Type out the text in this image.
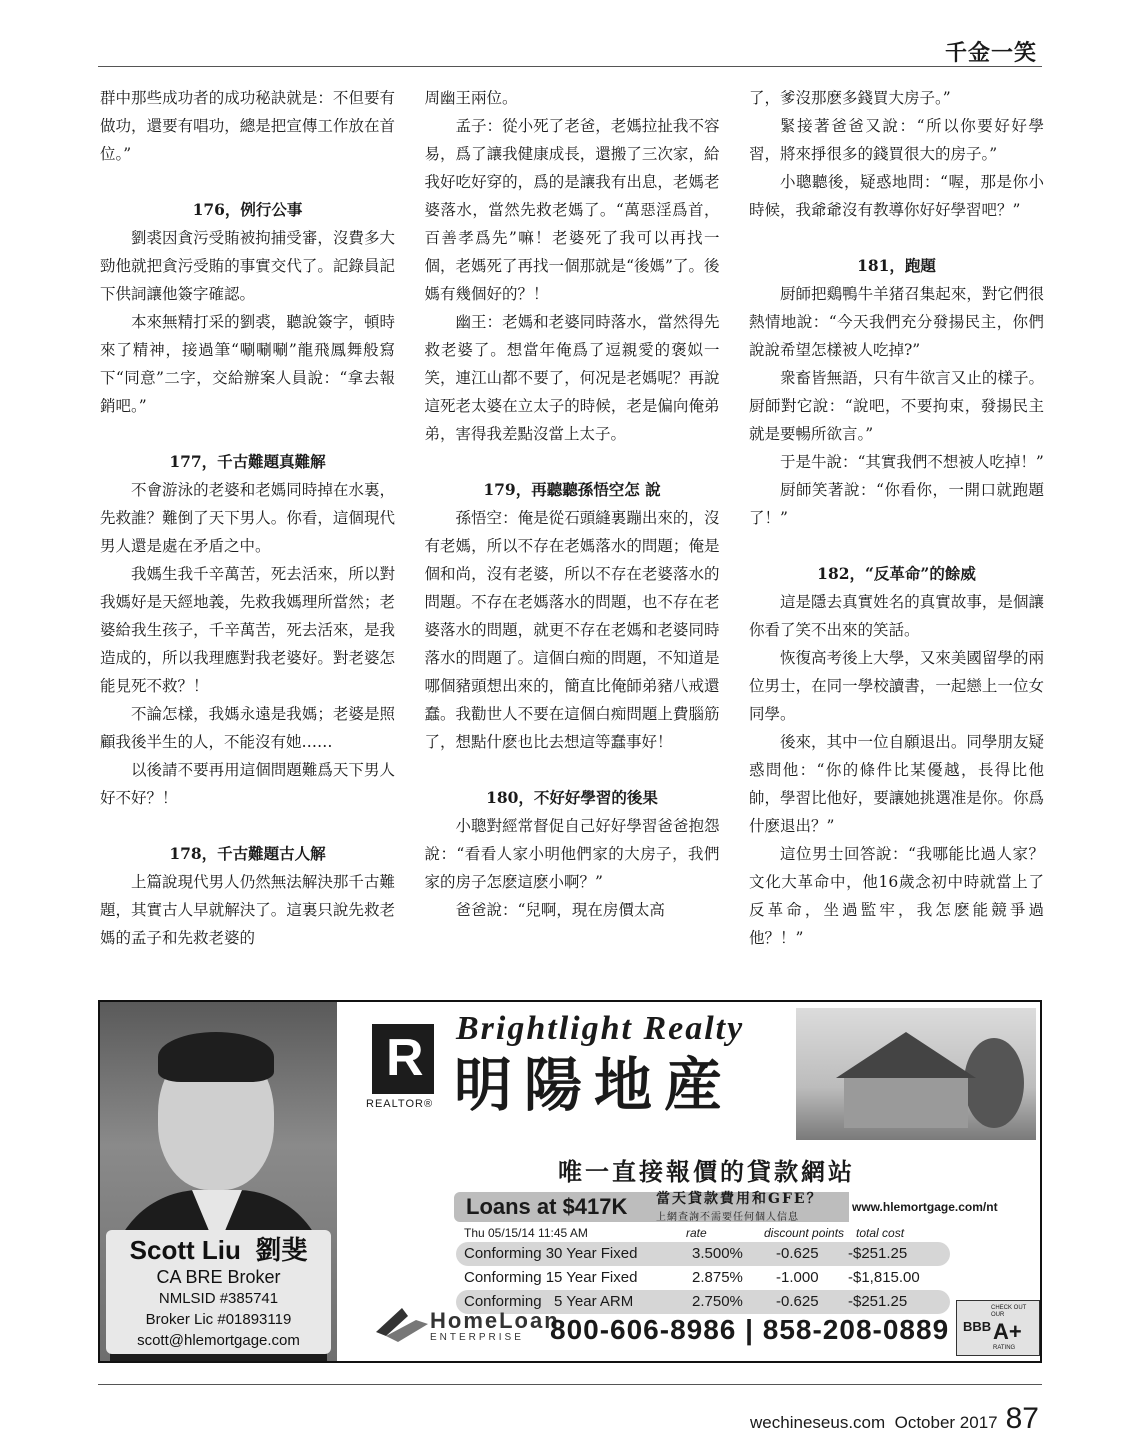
千金一笑
群中那些成功者的成功秘訣就是：不但要有做功，還要有唱功，總是把宣傳工作放在首位。”
176，例行公事
劉裘因貪污受賄被拘捕受審，沒費多大勁他就把貪污受賄的事實交代了。記錄員記下供詞讓他簽字確認。
本來無精打采的劉裘，聽說簽字，頓時來了精神，接過筆“唰唰唰”龍飛鳳舞般寫下“同意”二字，交給辦案人員說：“拿去報銷吧。”
177，千古難題真難解
不會游泳的老婆和老媽同時掉在水裏，先救誰？難倒了天下男人。你看，這個現代男人還是處在矛盾之中。
我媽生我千辛萬苦，死去活來，所以對我媽好是天經地義，先救我媽理所當然；老婆給我生孩子，千辛萬苦，死去活來，是我造成的，所以我理應對我老婆好。對老婆怎能見死不救？！
不論怎樣，我媽永遠是我媽；老婆是照顧我後半生的人，不能沒有她……
以後請不要再用這個問題難爲天下男人好不好？！
178，千古難題古人解
上篇說現代男人仍然無法解決那千古難題，其實古人早就解決了。這裏只說先救老媽的孟子和先救老婆的
周幽王兩位。
孟子：從小死了老爸，老媽拉扯我不容易，爲了讓我健康成長，還搬了三次家，給我好吃好穿的，爲的是讓我有出息，老媽老婆落水，當然先救老媽了。“萬惡淫爲首，百善孝爲先”嘛！老婆死了我可以再找一個，老媽死了再找一個那就是“後媽”了。後媽有幾個好的？！
幽王：老媽和老婆同時落水，當然得先救老婆了。想當年俺爲了逗親愛的褒姒一笑，連江山都不要了，何况是老媽呢？再說這死老太婆在立太子的時候，老是偏向俺弟弟，害得我差點沒當上太子。
179，再聽聽孫悟空怎 說
孫悟空：俺是從石頭縫裏蹦出來的，沒有老媽，所以不存在老媽落水的問題；俺是個和尚，沒有老婆，所以不存在老婆落水的問題。不存在老媽落水的問題，也不存在老婆落水的問題，就更不存在老媽和老婆同時落水的問題了。這個白痴的問題，不知道是哪個豬頭想出來的，簡直比俺師弟豬八戒還蠢。我勸世人不要在這個白痴問題上費腦筋了，想點什麽也比去想這等蠢事好！
180，不好好學習的後果
小聰對經常督促自己好好學習爸爸抱怨說：“看看人家小明他們家的大房子，我們家的房子怎麽這麽小啊？”
爸爸說：“兒啊，現在房價太高
了，爹沒那麽多錢買大房子。”
緊接著爸爸又說：“所以你要好好學習，將來掙很多的錢買很大的房子。”
小聰聽後，疑惑地問：“喔，那是你小時候，我爺爺沒有教導你好好學習吧？”
181，跑題
厨師把鷄鴨牛羊猪召集起來，對它們很熱情地說：“今天我們充分發揚民主，你們說說希望怎樣被人吃掉?”
衆畜皆無語，只有牛欲言又止的樣子。厨師對它說：“說吧，不要拘束，發揚民主就是要暢所欲言。”
于是牛說：“其實我們不想被人吃掉！”
厨師笑著說：“你看你，一開口就跑題了！”
182，“反革命”的餘威
這是隱去真實姓名的真實故事，是個讓你看了笑不出來的笑話。
恢復高考後上大學，又來美國留學的兩位男士，在同一學校讀書，一起戀上一位女同學。
後來，其中一位自願退出。同學朋友疑惑問他：“你的條件比某優越，長得比他帥，學習比他好，要讓她挑選准是你。你爲什麽退出？”
這位男士回答說：“我哪能比過人家？文化大革命中，他16歲念初中時就當上了反革命，坐過監牢，我怎麽能競爭過他？！”
Scott Liu 劉斐
CA BRE Broker
NMLSID #385741
Broker Lic #01893119
scott@hlemortgage.com
R
REALTOR®
Brightlight Realty
明陽地産
唯一直接報價的貸款網站
Loans at $417K	當天貸款費用和GFE？
上網查詢不需要任何個人信息
www.hlemortgage.com/nt
Thu 05/15/14 11:45 AM	rate	discount points total cost
Conforming 30 Year Fixed	3.500% -0.625 -$251.25
Conforming 15 Year Fixed	2.875% -1.000 -$1,815.00
Conforming   5 Year ARM	2.750% -0.625 -$251.25
HomeLoan
ENTERPRISE 800-606-8986 | 858-208-0889 BBB
CHECK OUT OUR
A+
RATING
wechineseus.com  October 2017 87
